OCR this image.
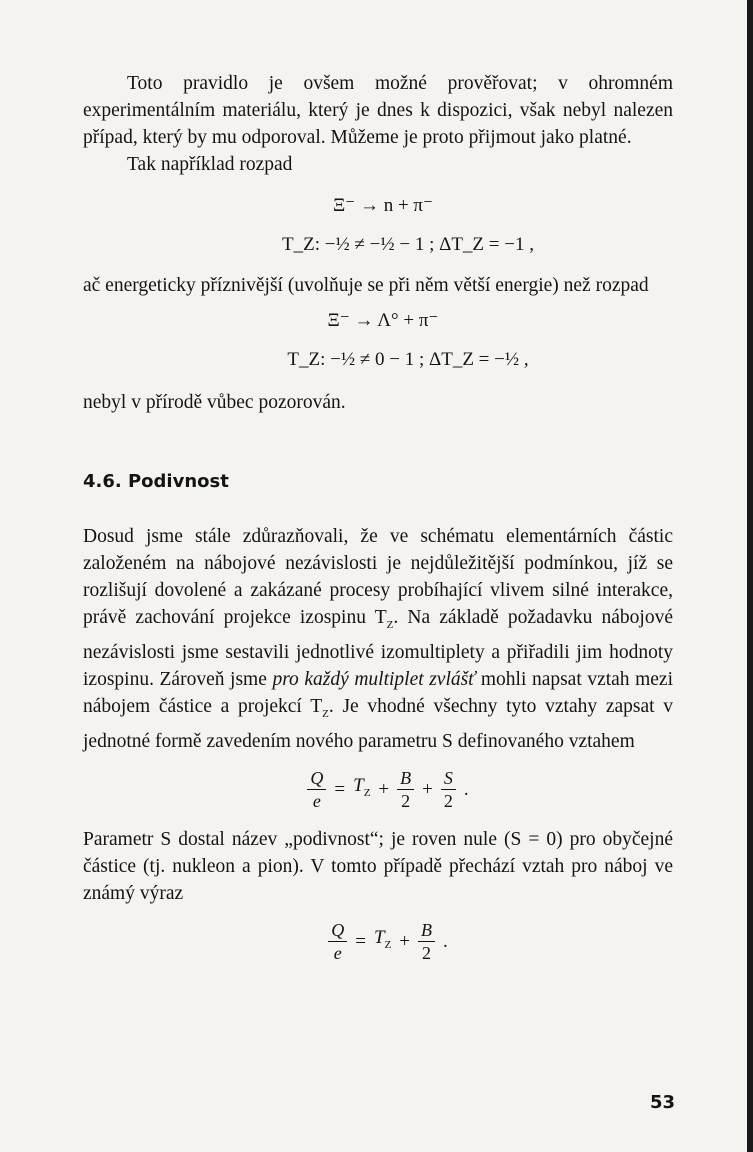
Toto pravidlo je ovšem možné prověřovat; v ohromném experimentálním materiálu, který je dnes k dispozici, však nebyl nalezen případ, který by mu odporoval. Můžeme je proto přijmout jako platné.

Tak například rozpad

Ξ⁻ → n + π⁻
T_Z: −½ ≠ −½ − 1 ; ΔT_Z = −1 ,

ač energeticky příznivější (uvolňuje se při něm větší energie) než rozpad

Ξ⁻ → Λ° + π⁻
T_Z: −½ ≠ 0 − 1 ; ΔT_Z = −½ ,

nebyl v přírodě vůbec pozorován.

4.6. Podivnost

Dosud jsme stále zdůrazňovali, že ve schématu elementárních částic založeném na nábojové nezávislosti je nejdůležitější podmínkou, jíž se rozlišují dovolené a zakázané procesy probíhající vlivem silné interakce, právě zachování projekce izospinu $T_Z$. Na základě požadavku nábojové nezávislosti jsme sestavili jednotlivé izomultiplety a přiřadili jim hodnoty izospinu. Zároveň jsme pro každý multiplet zvlášť mohli napsat vztah mezi nábojem částice a projekcí $T_Z$. Je vhodné všechny tyto vztahy zapsat v jednotné formě zavedením nového parametru S definovaného vztahem

$\frac{Q}{e} = T_Z + \frac{B}{2} + \frac{S}{2}$ .

Parametr S dostal název „podivnost“; je roven nule (S = 0) pro obyčejné částice (tj. nukleon a pion). V tomto případě přechází vztah pro náboj ve známý výraz

$\frac{Q}{e} = T_Z + \frac{B}{2}$ .
53
